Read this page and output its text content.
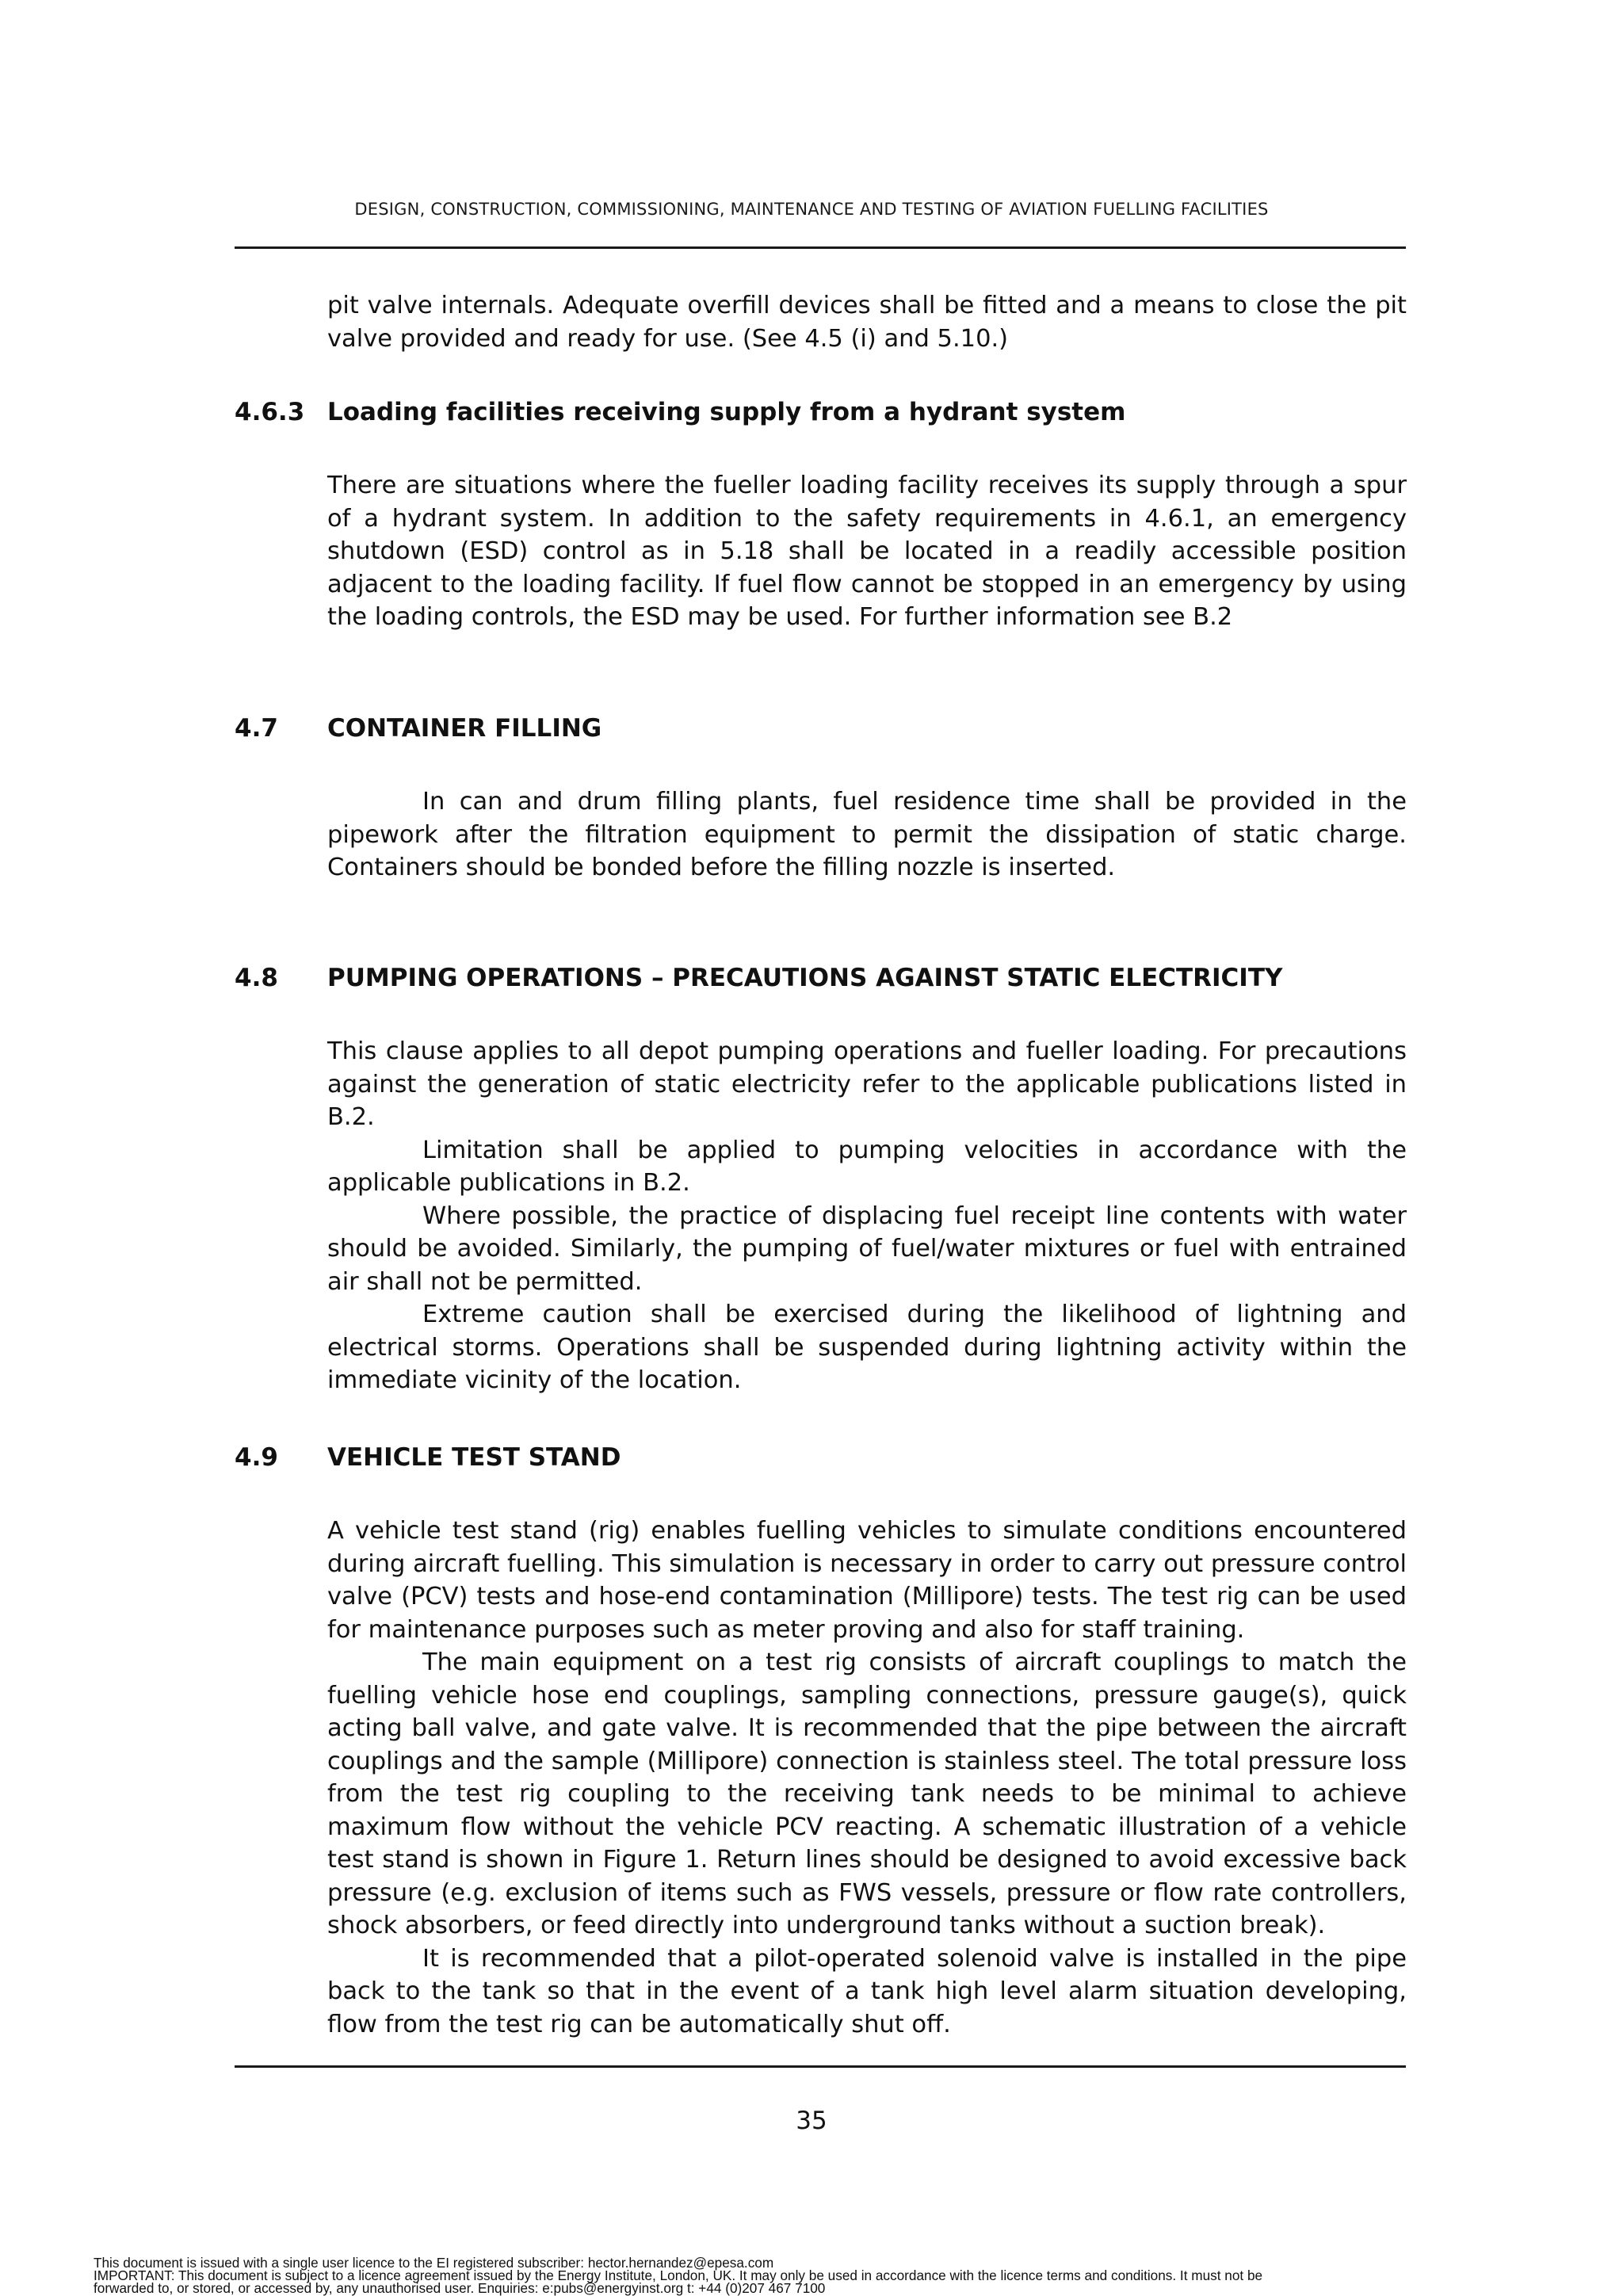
DESIGN, CONSTRUCTION, COMMISSIONING, MAINTENANCE AND TESTING OF AVIATION FUELLING FACILITIES

pit valve internals. Adequate overfill devices shall be fitted and a means to close the pit valve provided and ready for use. (See 4.5 (i) and 5.10.)

4.6.3 Loading facilities receiving supply from a hydrant system

There are situations where the fueller loading facility receives its supply through a spur of a hydrant system. In addition to the safety requirements in 4.6.1, an emergency shutdown (ESD) control as in 5.18 shall be located in a readily accessible position adjacent to the loading facility. If fuel flow cannot be stopped in an emergency by using the loading controls, the ESD may be used. For further information see B.2

4.7 CONTAINER FILLING

In can and drum filling plants, fuel residence time shall be provided in the pipework after the filtration equipment to permit the dissipation of static charge. Containers should be bonded before the filling nozzle is inserted.

4.8 PUMPING OPERATIONS – PRECAUTIONS AGAINST STATIC ELECTRICITY

This clause applies to all depot pumping operations and fueller loading. For precautions against the generation of static electricity refer to the applicable publications listed in B.2.

Limitation shall be applied to pumping velocities in accordance with the applicable publications in B.2.

Where possible, the practice of displacing fuel receipt line contents with water should be avoided. Similarly, the pumping of fuel/water mixtures or fuel with entrained air shall not be permitted.

Extreme caution shall be exercised during the likelihood of lightning and electrical storms. Operations shall be suspended during lightning activity within the immediate vicinity of the location.

4.9 VEHICLE TEST STAND

A vehicle test stand (rig) enables fuelling vehicles to simulate conditions encountered during aircraft fuelling. This simulation is necessary in order to carry out pressure control valve (PCV) tests and hose-end contamination (Millipore) tests. The test rig can be used for maintenance purposes such as meter proving and also for staff training.

The main equipment on a test rig consists of aircraft couplings to match the fuelling vehicle hose end couplings, sampling connections, pressure gauge(s), quick acting ball valve, and gate valve. It is recommended that the pipe between the aircraft couplings and the sample (Millipore) connection is stainless steel. The total pressure loss from the test rig coupling to the receiving tank needs to be minimal to achieve maximum flow without the vehicle PCV reacting. A schematic illustration of a vehicle test stand is shown in Figure 1. Return lines should be designed to avoid excessive back pressure (e.g. exclusion of items such as FWS vessels, pressure or flow rate controllers, shock absorbers, or feed directly into underground tanks without a suction break).

It is recommended that a pilot-operated solenoid valve is installed in the pipe back to the tank so that in the event of a tank high level alarm situation developing, flow from the test rig can be automatically shut off.

35
This document is issued with a single user licence to the EI registered subscriber: hector.hernandez@epesa.com
IMPORTANT: This document is subject to a licence agreement issued by the Energy Institute, London, UK. It may only be used in accordance with the licence terms and conditions. It must not be
forwarded to, or stored, or accessed by, any unauthorised user. Enquiries: e:pubs@energyinst.org t: +44 (0)207 467 7100
